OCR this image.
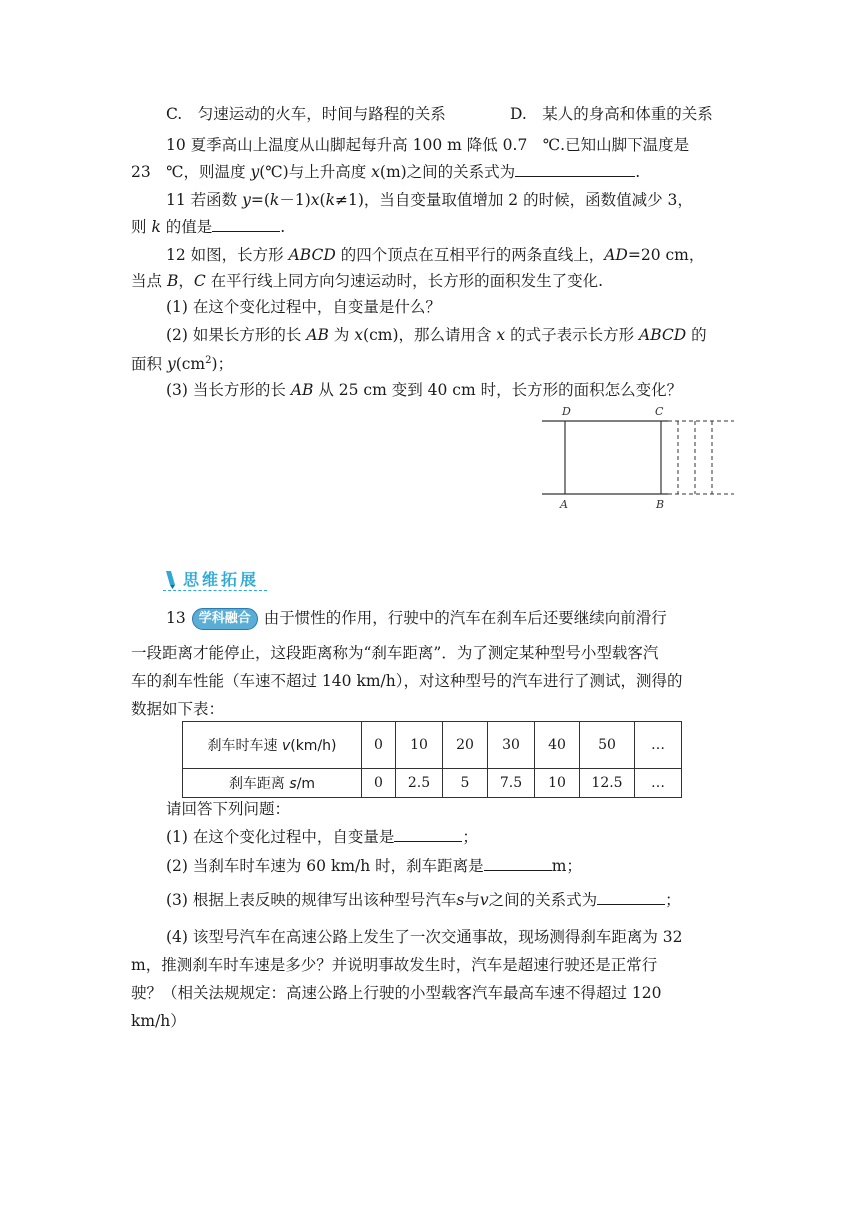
C.　匀速运动的火车，时间与路程的关系	D.　某人的身高和体重的关系
10 夏季高山上温度从山脚起每升高 100 m 降低 0.7　℃.已知山脚下温度是
23　℃，则温度 y(℃)与上升高度 x(m)之间的关系式为	.
11 若函数 y=(k－1)x(k≠1)，当自变量取值增加 2 的时候，函数值减少 3，
则 k 的值是	.
12 如图，长方形 ABCD 的四个顶点在互相平行的两条直线上，AD=20 cm，
当点 B，C 在平行线上同方向匀速运动时，长方形的面积发生了变化.
(1) 在这个变化过程中，自变量是什么？
(2) 如果长方形的长 AB 为 x(cm)，那么请用含 x 的式子表示长方形 ABCD 的
面积 $y(cm^2)$；
(3) 当长方形的长 AB 从 25 cm 变到 40 cm 时，长方形的面积怎么变化？
D	C
A	B
思维拓展
13 学科融合 由于惯性的作用，行驶中的汽车在刹车后还要继续向前滑行
一段距离才能停止，这段距离称为“刹车距离”．为了测定某种型号小型载客汽
车的刹车性能（车速不超过 140 km/h），对这种型号的汽车进行了测试，测得的
数据如下表：
刹车时车速 v(km/h)	0	10	20	30	40	50	…
刹车距离 s/m	0	2.5	5	7.5	10	12.5	…
请回答下列问题：
(1) 在这个变化过程中，自变量是	；
(2) 当刹车时车速为 60 km/h 时，刹车距离是	m；
(3) 根据上表反映的规律写出该种型号汽车s与v之间的关系式为	；
(4) 该型号汽车在高速公路上发生了一次交通事故，现场测得刹车距离为 32
m，推测刹车时车速是多少？并说明事故发生时，汽车是超速行驶还是正常行
驶？（相关法规规定：高速公路上行驶的小型载客汽车最高车速不得超过 120
km/h）
